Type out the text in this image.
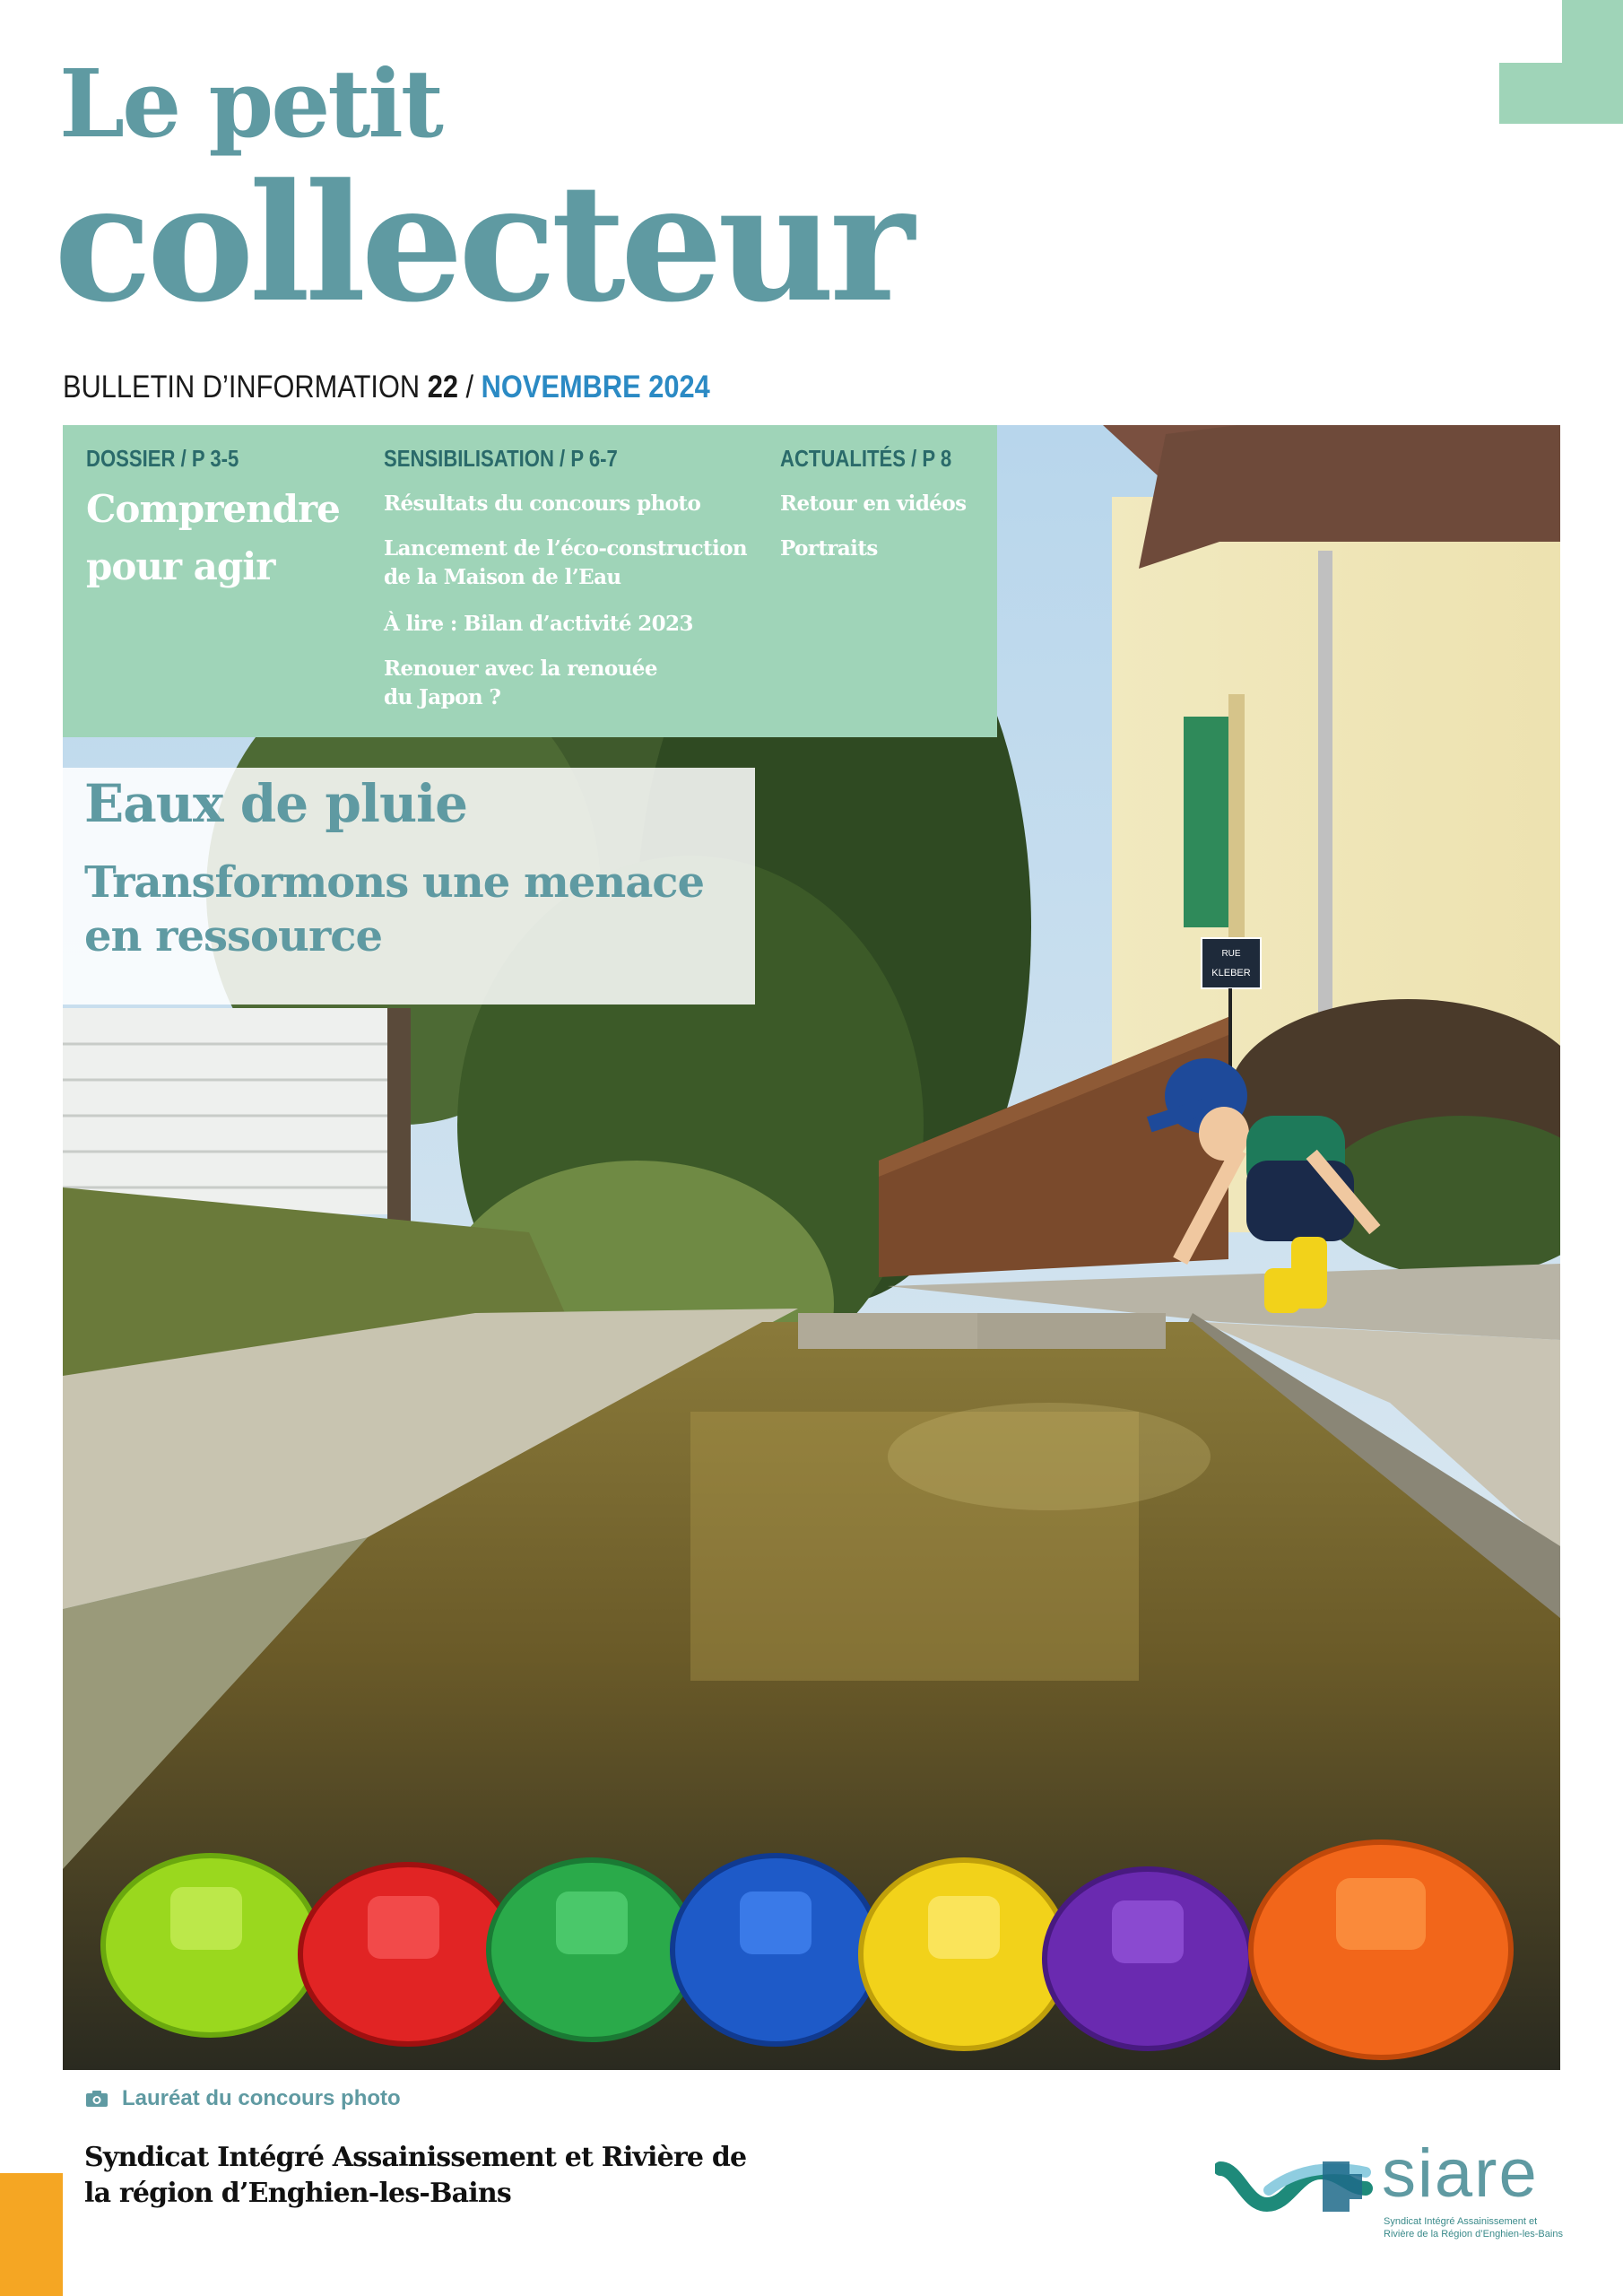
Le petit
collecteur
BULLETIN D’INFORMATION 22 / NOVEMBRE 2024
RUE
KLEBER
DOSSIER / P 3-5
Comprendre pour agir
SENSIBILISATION / P 6-7
Résultats du concours photo
Lancement de l’éco-construction de la Maison de l’Eau
À lire : Bilan d’activité 2023
Renouer avec la renouée du Japon ?
ACTUALITÉS / P 8
Retour en vidéos
Portraits
Eaux de pluie
Transformons une menace en ressource
Lauréat du concours photo
Syndicat Intégré Assainissement et Rivière de la région d’Enghien-les-Bains	siare
Syndicat Intégré Assainissement et Rivière de la Région d’Enghien-les-Bains
